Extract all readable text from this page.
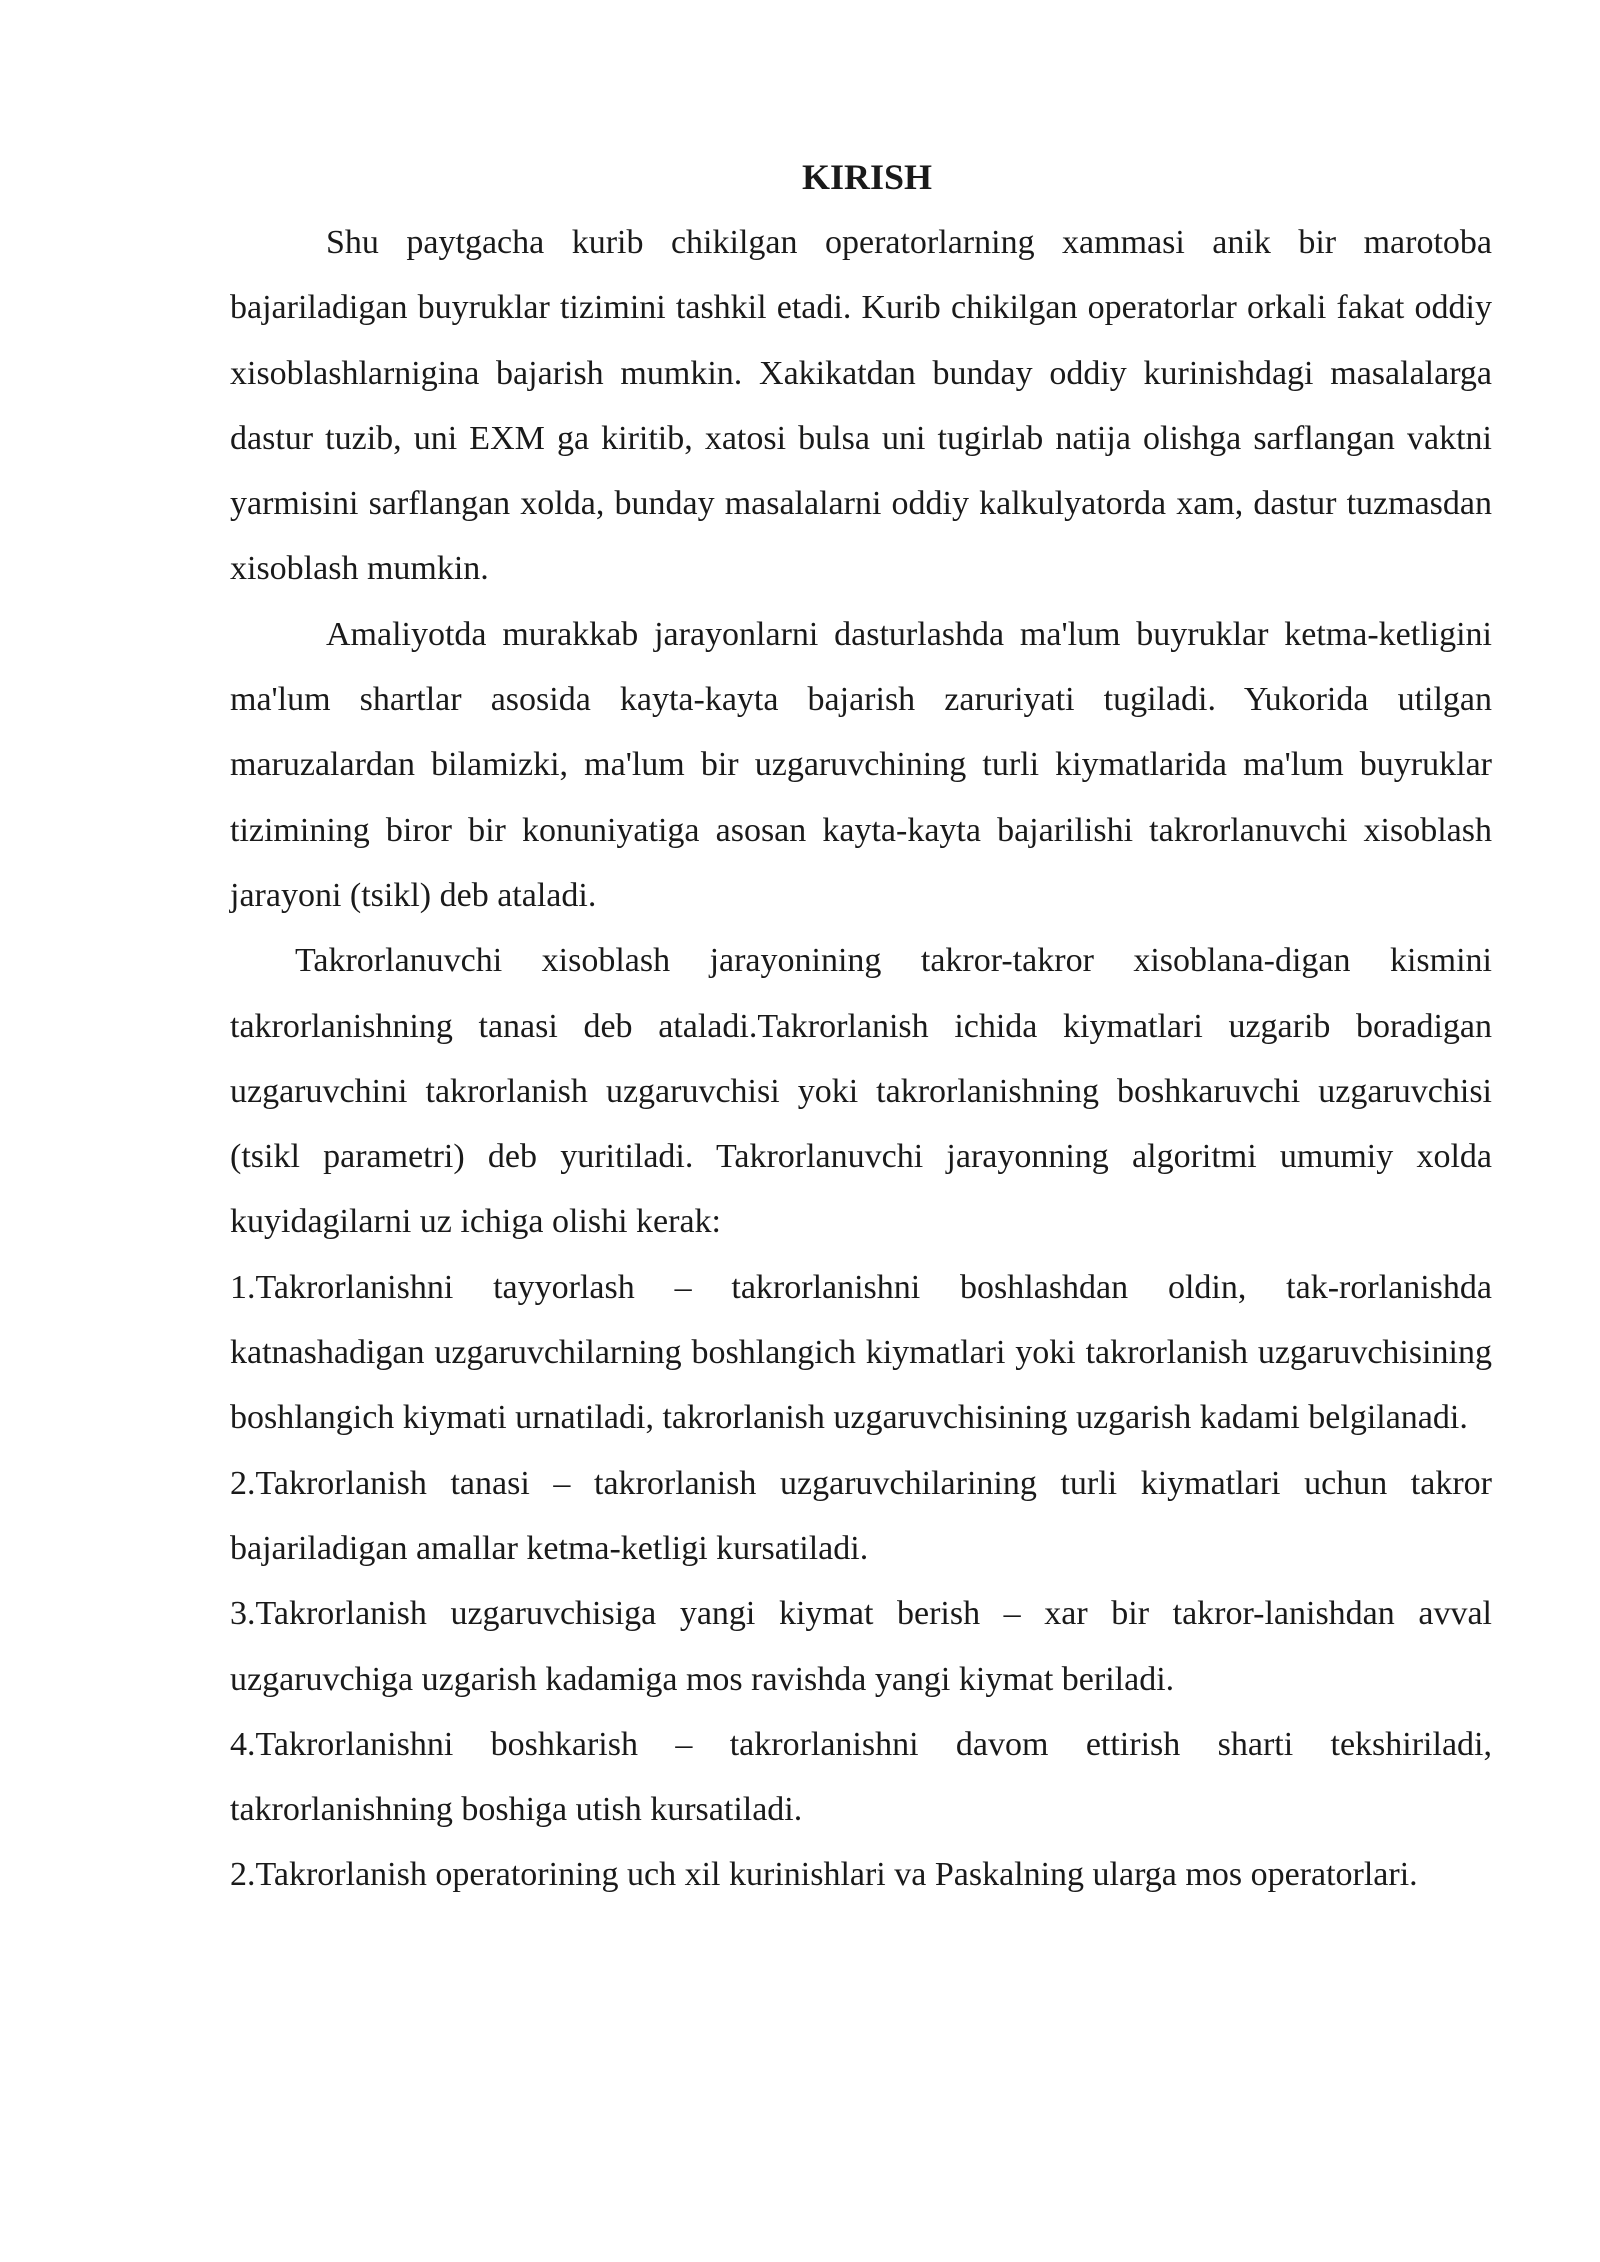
KIRISH

Shu paytgacha kurib chikilgan operatorlarning xammasi anik bir marotoba bajariladigan buyruklar tizimini tashkil etadi. Kurib chikilgan operatorlar orkali fakat oddiy xisoblashlarnigina bajarish mumkin. Xakikatdan bunday oddiy kurinishdagi masalalarga dastur tuzib, uni EXM ga kiritib, xatosi bulsa uni tugirlab natija olishga sarflangan vaktni yarmisini sarflangan xolda, bunday masalalarni oddiy kalkulyatorda xam, dastur tuzmasdan xisoblash mumkin.

Amaliyotda murakkab jarayonlarni dasturlashda ma'lum buyruklar ketma-ketligini ma'lum shartlar asosida kayta-kayta bajarish zaruriyati tugiladi. Yukorida utilgan maruzalardan bilamizki, ma'lum bir uzgaruvchining turli kiymatlarida ma'lum buyruklar tizimining biror bir konuniyatiga asosan kayta-kayta bajarilishi takrorlanuvchi xisoblash jarayoni (tsikl) deb ataladi.

Takrorlanuvchi xisoblash jarayonining takror-takror xisoblana-digan kismini takrorlanishning tanasi deb ataladi.Takrorlanish ichida kiymatlari uzgarib boradigan uzgaruvchini takrorlanish uzgaruvchisi yoki takrorlanishning boshkaruvchi uzgaruvchisi (tsikl parametri) deb yuritiladi. Takrorlanuvchi jarayonning algoritmi umumiy xolda kuyidagilarni uz ichiga olishi kerak:

1.Takrorlanishni tayyorlash – takrorlanishni boshlashdan oldin, tak-rorlanishda katnashadigan uzgaruvchilarning boshlangich kiymatlari yoki takrorlanish uzgaruvchisining boshlangich kiymati urnatiladi, takrorlanish uzgaruvchisining uzgarish kadami belgilanadi.

2.Takrorlanish tanasi – takrorlanish uzgaruvchilarining turli kiymatlari uchun takror bajariladigan amallar ketma-ketligi kursatiladi.

3.Takrorlanish uzgaruvchisiga yangi kiymat berish – xar bir takror-lanishdan avval uzgaruvchiga uzgarish kadamiga mos ravishda yangi kiymat beriladi.

4.Takrorlanishni boshkarish – takrorlanishni davom ettirish sharti tekshiriladi, takrorlanishning boshiga utish kursatiladi.

2.Takrorlanish operatorining uch xil kurinishlari va Paskalning ularga mos operatorlari.
